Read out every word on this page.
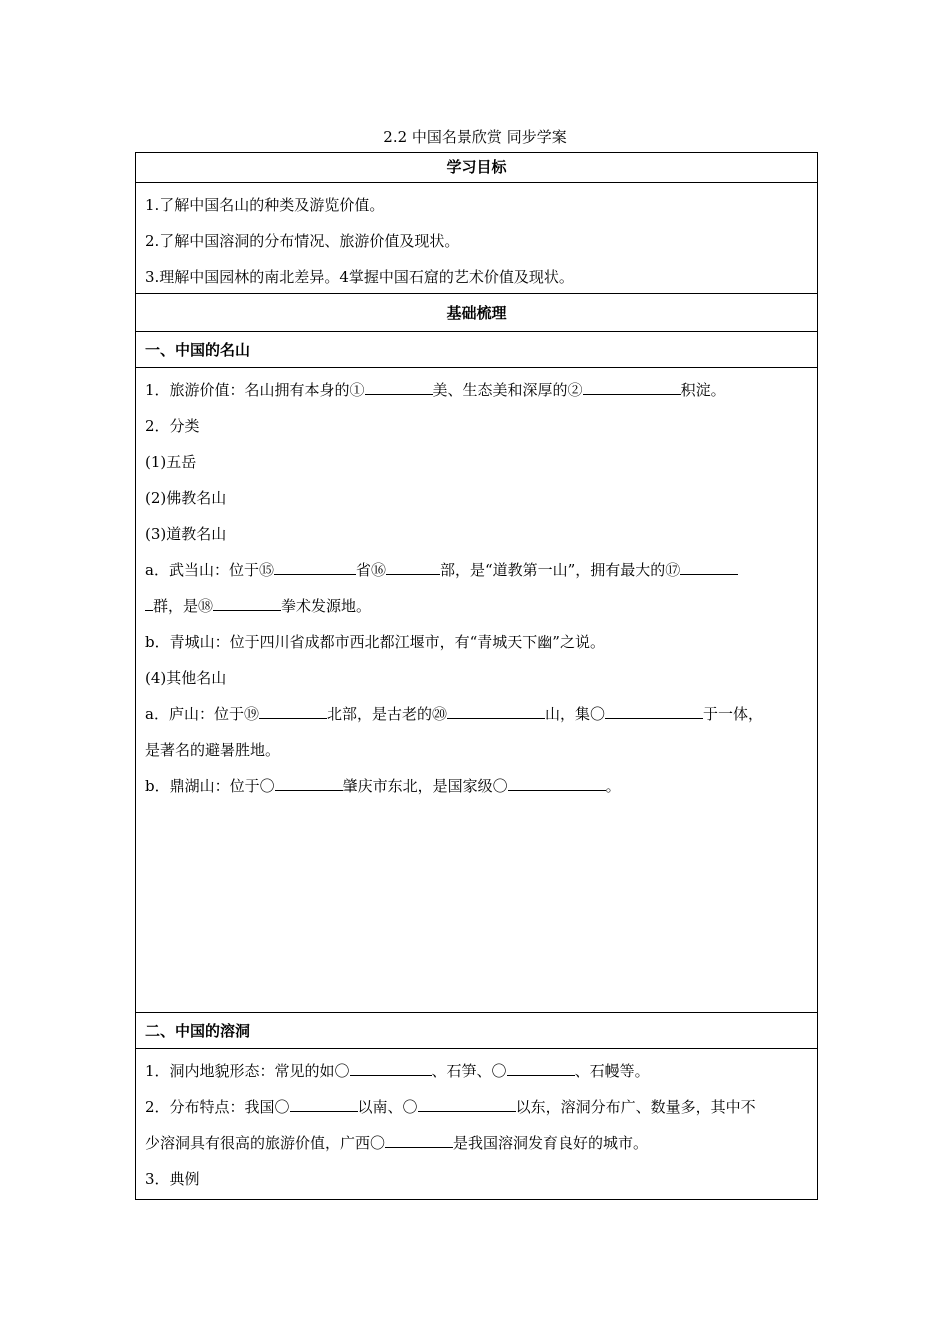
2.2 中国名景欣赏 同步学案
学习目标
1.了解中国名山的种类及游览价值。
2.了解中国溶洞的分布情况、旅游价值及现状。
3.理解中国园林的南北差异。4掌握中国石窟的艺术价值及现状。
基础梳理
一、中国的名山
1．旅游价值：名山拥有本身的①	美、生态美和深厚的②	积淀。
2．分类
(1)五岳
(2)佛教名山
(3)道教名山
a．武当山：位于⑮	省⑯	部，是“道教第一山”，拥有最大的⑰
群，是⑱	拳术发源地。
b．青城山：位于四川省成都市西北都江堰市，有“青城天下幽”之说。
(4)其他名山
a．庐山：位于⑲	北部，是古老的⑳	山，集〇	于一体，
是著名的避暑胜地。
b．鼎湖山：位于〇	肇庆市东北，是国家级〇	。
二、中国的溶洞
1．洞内地貌形态：常见的如〇	、石笋、〇	、石幔等。
2．分布特点：我国〇	以南、〇	以东，溶洞分布广、数量多，其中不
少溶洞具有很高的旅游价值，广西〇	是我国溶洞发育良好的城市。
3．典例
